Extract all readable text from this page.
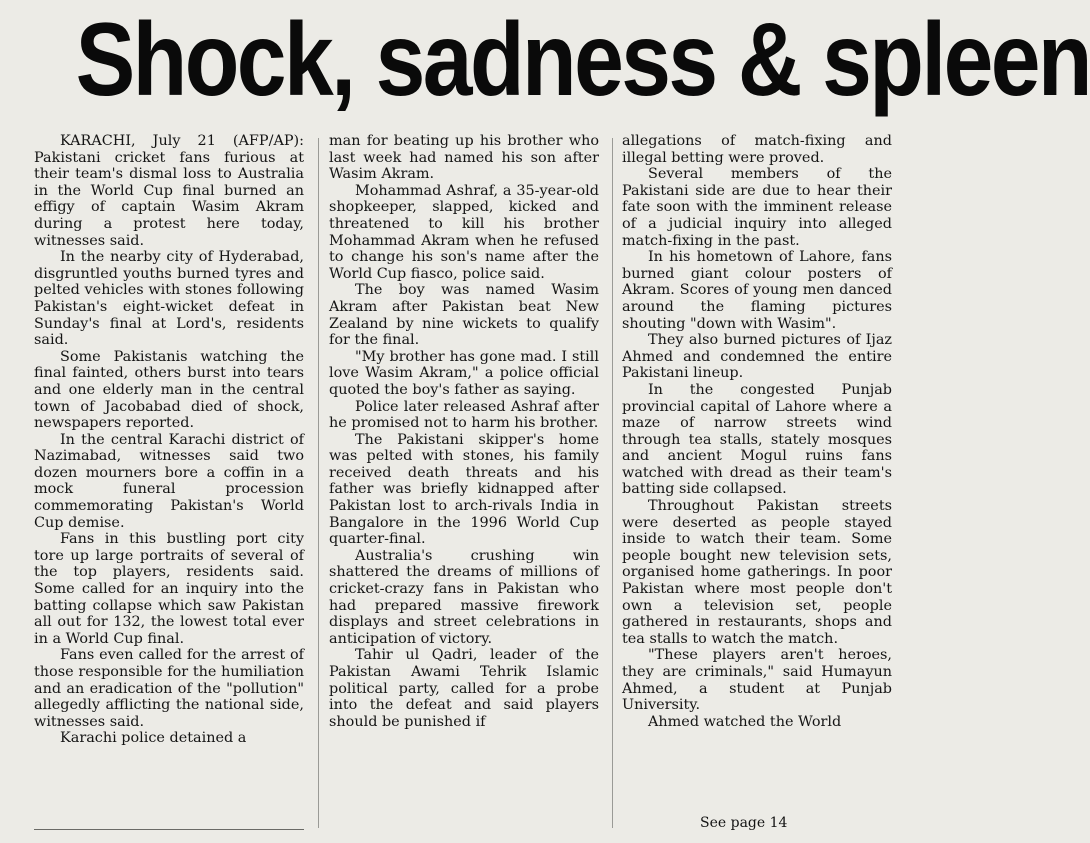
Shock, sadness & spleen

KARACHI, July 21 (AFP/AP): Pakistani cricket fans furious at their team's dismal loss to Australia in the World Cup final burned an effigy of captain Wasim Akram during a protest here today, witnesses said.

In the nearby city of Hyderabad, disgruntled youths burned tyres and pelted vehicles with stones following Pakistan's eight-wicket defeat in Sunday's final at Lord's, residents said.

Some Pakistanis watching the final fainted, others burst into tears and one elderly man in the central town of Jacobabad died of shock, newspapers reported.

In the central Karachi district of Nazimabad, witnesses said two dozen mourners bore a coffin in a mock funeral procession commemorating Pakistan's World Cup demise.

Fans in this bustling port city tore up large portraits of several of the top players, residents said. Some called for an inquiry into the batting collapse which saw Pakistan all out for 132, the lowest total ever in a World Cup final.

Fans even called for the arrest of those responsible for the humiliation and an eradication of the "pollution" allegedly afflicting the national side, witnesses said.

Karachi police detained a

man for beating up his brother who last week had named his son after Wasim Akram.

Mohammad Ashraf, a 35-year-old shopkeeper, slapped, kicked and threatened to kill his brother Mohammad Akram when he refused to change his son's name after the World Cup fiasco, police said.

The boy was named Wasim Akram after Pakistan beat New Zealand by nine wickets to qualify for the final.

"My brother has gone mad. I still love Wasim Akram," a police official quoted the boy's father as saying.

Police later released Ashraf after he promised not to harm his brother.

The Pakistani skipper's home was pelted with stones, his family received death threats and his father was briefly kidnapped after Pakistan lost to arch-rivals India in Bangalore in the 1996 World Cup quarter-final.

Australia's crushing win shattered the dreams of millions of cricket-crazy fans in Pakistan who had prepared massive firework displays and street celebrations in anticipation of victory.

Tahir ul Qadri, leader of the Pakistan Awami Tehrik Islamic political party, called for a probe into the defeat and said players should be punished if

allegations of match-fixing and illegal betting were proved.

Several members of the Pakistani side are due to hear their fate soon with the imminent release of a judicial inquiry into alleged match-fixing in the past.

In his hometown of Lahore, fans burned giant colour posters of Akram. Scores of young men danced around the flaming pictures shouting "down with Wasim".

They also burned pictures of Ijaz Ahmed and condemned the entire Pakistani lineup.

In the congested Punjab provincial capital of Lahore where a maze of narrow streets wind through tea stalls, stately mosques and ancient Mogul ruins fans watched with dread as their team's batting side collapsed.

Throughout Pakistan streets were deserted as people stayed inside to watch their team. Some people bought new television sets, organised home gatherings. In poor Pakistan where most people don't own a television set, people gathered in restaurants, shops and tea stalls to watch the match.

"These players aren't heroes, they are criminals," said Humayun Ahmed, a student at Punjab University.

Ahmed watched the World

See page 14
